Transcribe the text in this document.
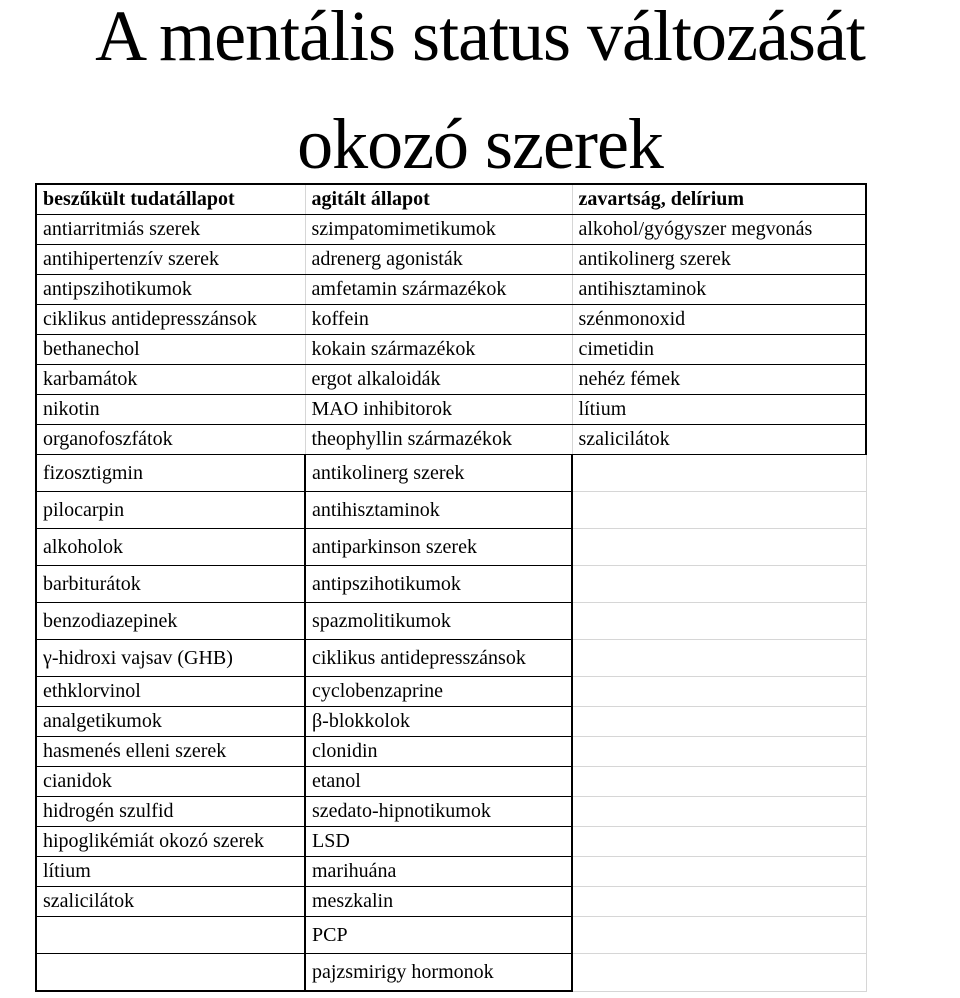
A mentális status változását
okozó szerek
beszűkült tudatállapot	agitált állapot	zavartság, delírium
antiarritmiás szerek	szimpatomimetikumok	alkohol/gyógyszer megvonás
antihipertenzív szerek	adrenerg agonisták	antikolinerg szerek
antipszihotikumok	amfetamin származékok	antihisztaminok
ciklikus antidepresszánsok	koffein	szénmonoxid
bethanechol	kokain származékok	cimetidin
karbamátok	ergot alkaloidák	nehéz fémek
nikotin	MAO inhibitorok	lítium
organofoszfátok	theophyllin származékok	szalicilátok
fizosztigmin	antikolinerg szerek	
pilocarpin	antihisztaminok	
alkoholok	antiparkinson szerek	
barbiturátok	antipszihotikumok	
benzodiazepinek	spazmolitikumok	
γ-hidroxi vajsav (GHB)	ciklikus antidepresszánsok	
ethklorvinol	cyclobenzaprine	
analgetikumok	β-blokkolok	
hasmenés elleni szerek	clonidin	
cianidok	etanol	
hidrogén szulfid	szedato-hipnotikumok	
hipoglikémiát okozó szerek	LSD	
lítium	marihuána	
szalicilátok	meszkalin	
	PCP	
	pajzsmirigy hormonok	
